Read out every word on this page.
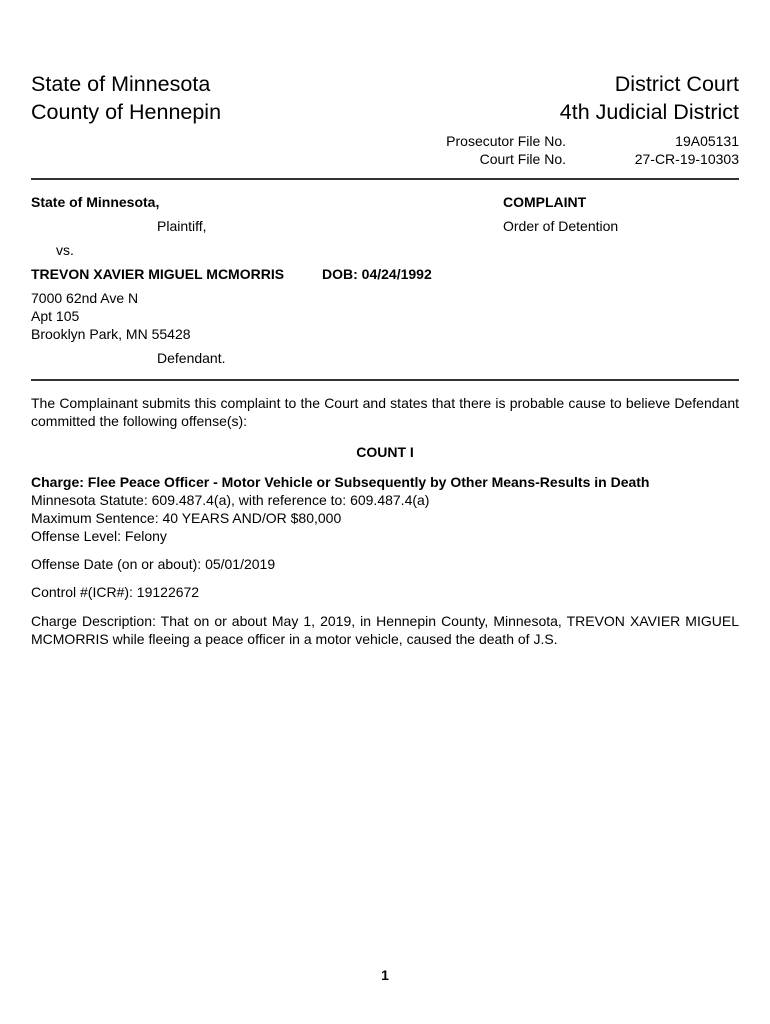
State of Minnesota
County of Hennepin
District Court
4th Judicial District
Prosecutor File No.
Court File No.
19A05131
27-CR-19-10303
State of Minnesota,
Plaintiff,
vs.
TREVON XAVIER MIGUEL MCMORRIS	DOB: 04/24/1992
7000 62nd Ave N
Apt 105
Brooklyn Park, MN 55428
Defendant.
COMPLAINT
Order of Detention
The Complainant submits this complaint to the Court and states that there is probable cause to believe Defendant committed the following offense(s):
COUNT I
Charge: Flee Peace Officer - Motor Vehicle or Subsequently by Other Means-Results in Death
Minnesota Statute: 609.487.4(a), with reference to: 609.487.4(a)
Maximum Sentence: 40 YEARS AND/OR $80,000
Offense Level: Felony
Offense Date (on or about): 05/01/2019
Control #(ICR#): 19122672
Charge Description: That on or about May 1, 2019, in Hennepin County, Minnesota, TREVON XAVIER MIGUEL MCMORRIS while fleeing a peace officer in a motor vehicle, caused the death of J.S.
1
